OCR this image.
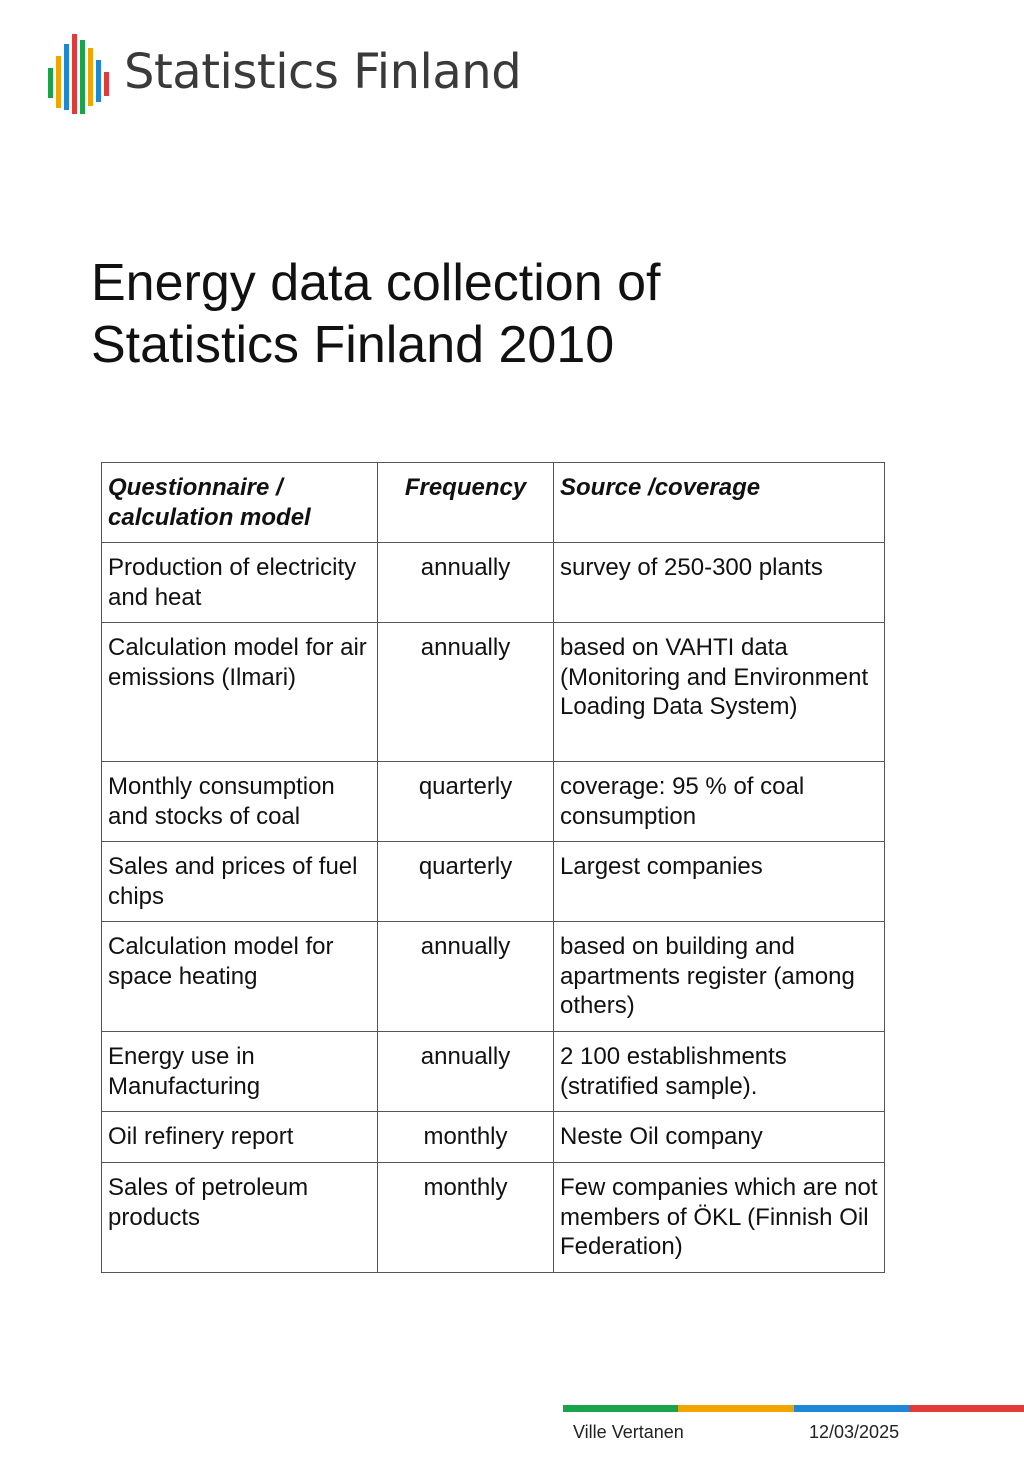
Statistics Finland
Energy data collection of
Statistics Finland 2010
Questionnaire / calculation model	Frequency	Source /coverage
Production of electricity and heat	annually	survey of 250-300 plants
Calculation model for air emissions (Ilmari)	annually	based on VAHTI data (Monitoring and Environment Loading Data System)
Monthly consumption and stocks of coal	quarterly	coverage: 95 % of coal consumption
Sales and prices of fuel chips	quarterly	Largest companies
Calculation model for space heating	annually	based on building and apartments register (among others)
Energy use in Manufacturing	annually	2 100 establishments (stratified sample).
Oil refinery report	monthly	Neste Oil company
Sales of petroleum products	monthly	Few companies which are not members of ÖKL (Finnish Oil Federation)
Ville Vertanen	12/03/2025
